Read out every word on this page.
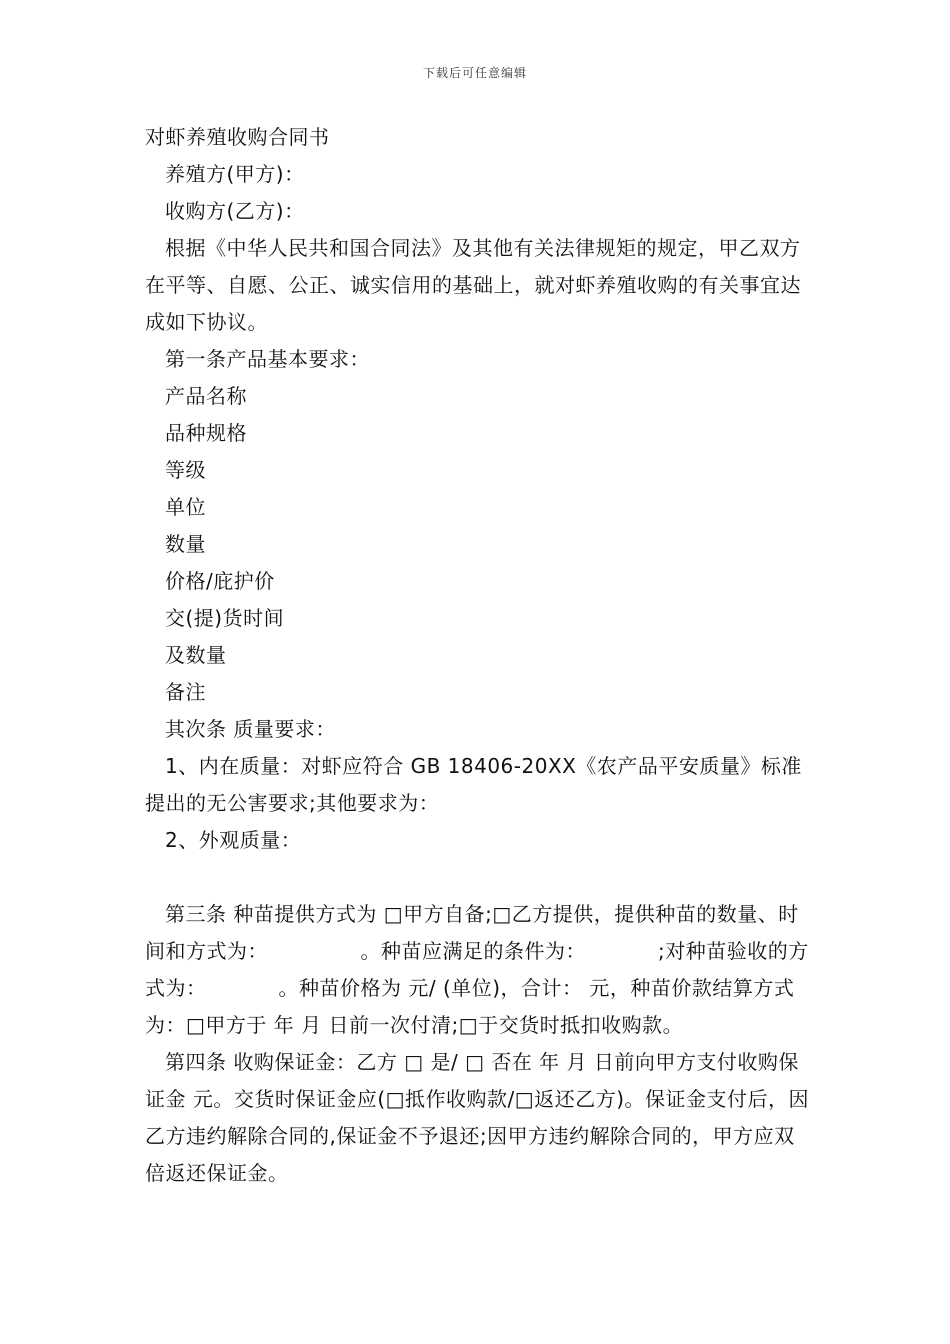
下载后可任意编辑

对虾养殖收购合同书

养殖方(甲方)：

收购方(乙方)：

根据《中华人民共和国合同法》及其他有关法律规矩的规定，甲乙双方在平等、自愿、公正、诚实信用的基础上，就对虾养殖收购的有关事宜达成如下协议。

第一条产品基本要求：

产品名称

品种规格

等级

单位

数量

价格/庇护价

交(提)货时间

及数量

备注

其次条 质量要求：

1、内在质量：对虾应符合 GB 18406-20XX《农产品平安质量》标准提出的无公害要求;其他要求为：

2、外观质量：

第三条 种苗提供方式为 □甲方自备;□乙方提供，提供种苗的数量、时间和方式为：　　　　　。种苗应满足的条件为：　　　　;对种苗验收的方式为：　　　　。种苗价格为 元/ (单位)，合计： 元，种苗价款结算方式为：□甲方于 年 月 日前一次付清;□于交货时抵扣收购款。

第四条 收购保证金：乙方 □ 是/ □ 否在 年 月 日前向甲方支付收购保证金 元。交货时保证金应(□抵作收购款/□返还乙方)。保证金支付后，因乙方违约解除合同的,保证金不予退还;因甲方违约解除合同的，甲方应双倍返还保证金。
